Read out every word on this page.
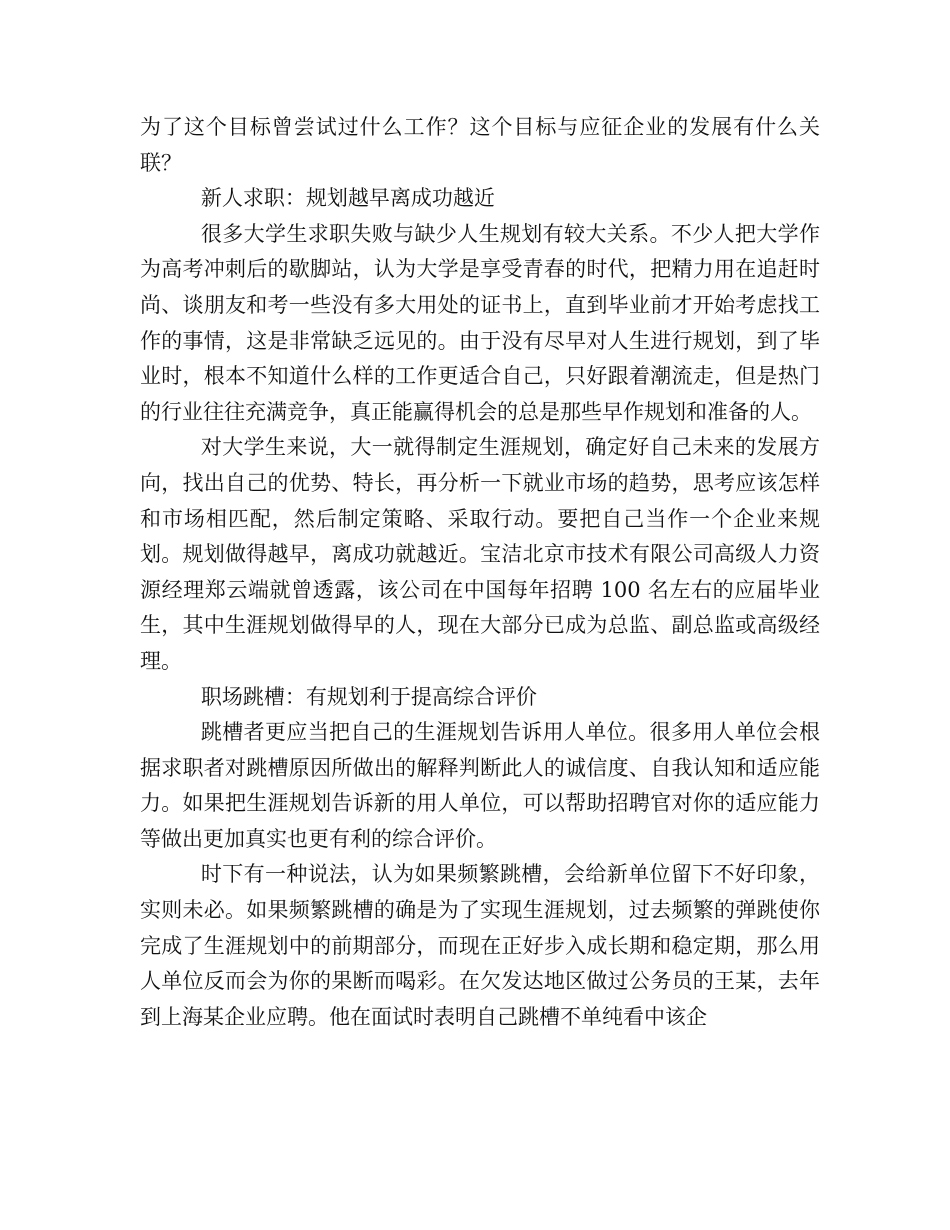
为了这个目标曾尝试过什么工作？这个目标与应征企业的发展有什么关联？

新人求职：规划越早离成功越近

很多大学生求职失败与缺少人生规划有较大关系。不少人把大学作为高考冲刺后的歇脚站，认为大学是享受青春的时代，把精力用在追赶时尚、谈朋友和考一些没有多大用处的证书上，直到毕业前才开始考虑找工作的事情，这是非常缺乏远见的。由于没有尽早对人生进行规划，到了毕业时，根本不知道什么样的工作更适合自己，只好跟着潮流走，但是热门的行业往往充满竞争，真正能赢得机会的总是那些早作规划和准备的人。

对大学生来说，大一就得制定生涯规划，确定好自己未来的发展方向，找出自己的优势、特长，再分析一下就业市场的趋势，思考应该怎样和市场相匹配，然后制定策略、采取行动。要把自己当作一个企业来规划。规划做得越早，离成功就越近。宝洁北京市技术有限公司高级人力资源经理郑云端就曾透露，该公司在中国每年招聘 100 名左右的应届毕业生，其中生涯规划做得早的人，现在大部分已成为总监、副总监或高级经理。

职场跳槽：有规划利于提高综合评价

跳槽者更应当把自己的生涯规划告诉用人单位。很多用人单位会根据求职者对跳槽原因所做出的解释判断此人的诚信度、自我认知和适应能力。如果把生涯规划告诉新的用人单位，可以帮助招聘官对你的适应能力等做出更加真实也更有利的综合评价。

时下有一种说法，认为如果频繁跳槽，会给新单位留下不好印象，实则未必。如果频繁跳槽的确是为了实现生涯规划，过去频繁的弹跳使你完成了生涯规划中的前期部分，而现在正好步入成长期和稳定期，那么用人单位反而会为你的果断而喝彩。在欠发达地区做过公务员的王某，去年到上海某企业应聘。他在面试时表明自己跳槽不单纯看中该企
